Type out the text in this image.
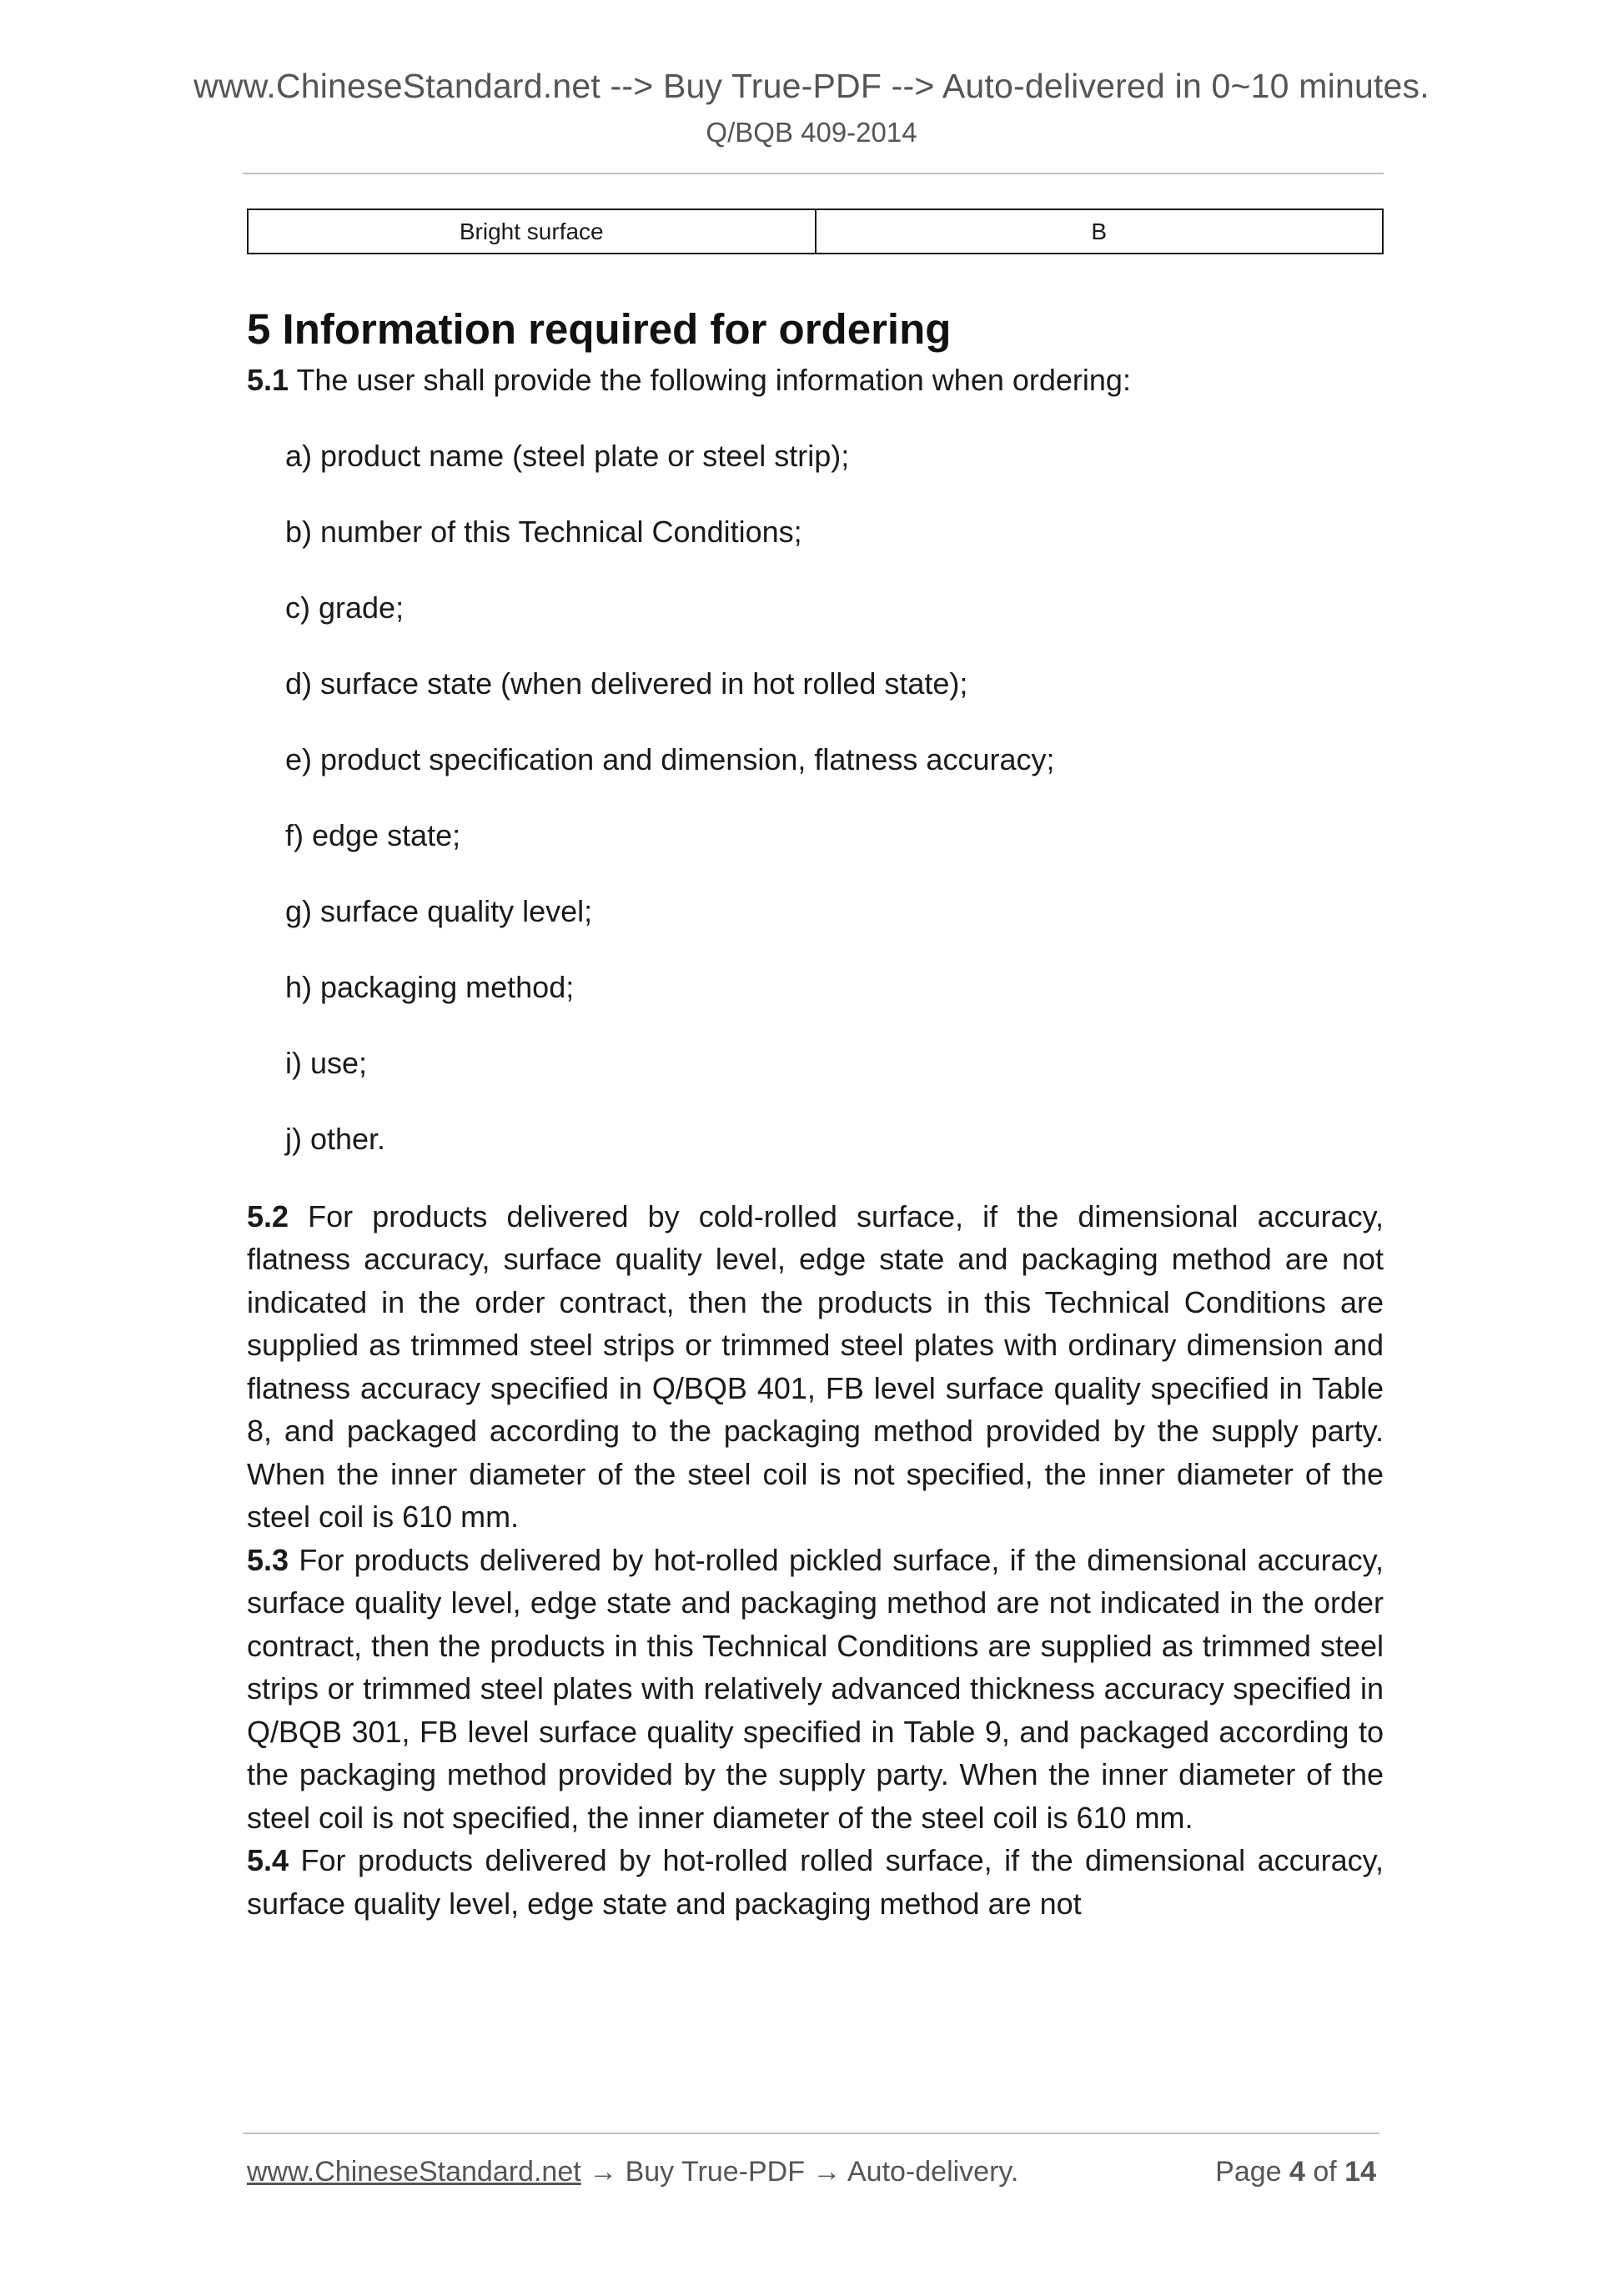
www.ChineseStandard.net --> Buy True-PDF --> Auto-delivered in 0~10 minutes.
Q/BQB 409-2014
Bright surface	B
5 Information required for ordering

5.1 The user shall provide the following information when ordering:

a) product name (steel plate or steel strip);
b) number of this Technical Conditions;
c) grade;
d) surface state (when delivered in hot rolled state);
e) product specification and dimension, flatness accuracy;
f) edge state;
g) surface quality level;
h) packaging method;
i) use;
j) other.

5.2 For products delivered by cold-rolled surface, if the dimensional accuracy, flatness accuracy, surface quality level, edge state and packaging method are not indicated in the order contract, then the products in this Technical Conditions are supplied as trimmed steel strips or trimmed steel plates with ordinary dimension and flatness accuracy specified in Q/BQB 401, FB level surface quality specified in Table 8, and packaged according to the packaging method provided by the supply party. When the inner diameter of the steel coil is not specified, the inner diameter of the steel coil is 610 mm.

5.3 For products delivered by hot-rolled pickled surface, if the dimensional accuracy, surface quality level, edge state and packaging method are not indicated in the order contract, then the products in this Technical Conditions are supplied as trimmed steel strips or trimmed steel plates with relatively advanced thickness accuracy specified in Q/BQB 301, FB level surface quality specified in Table 9, and packaged according to the packaging method provided by the supply party. When the inner diameter of the steel coil is not specified, the inner diameter of the steel coil is 610 mm.

5.4 For products delivered by hot-rolled rolled surface, if the dimensional accuracy, surface quality level, edge state and packaging method are not

www.ChineseStandard.net → Buy True-PDF → Auto-delivery.	Page 4 of 14
